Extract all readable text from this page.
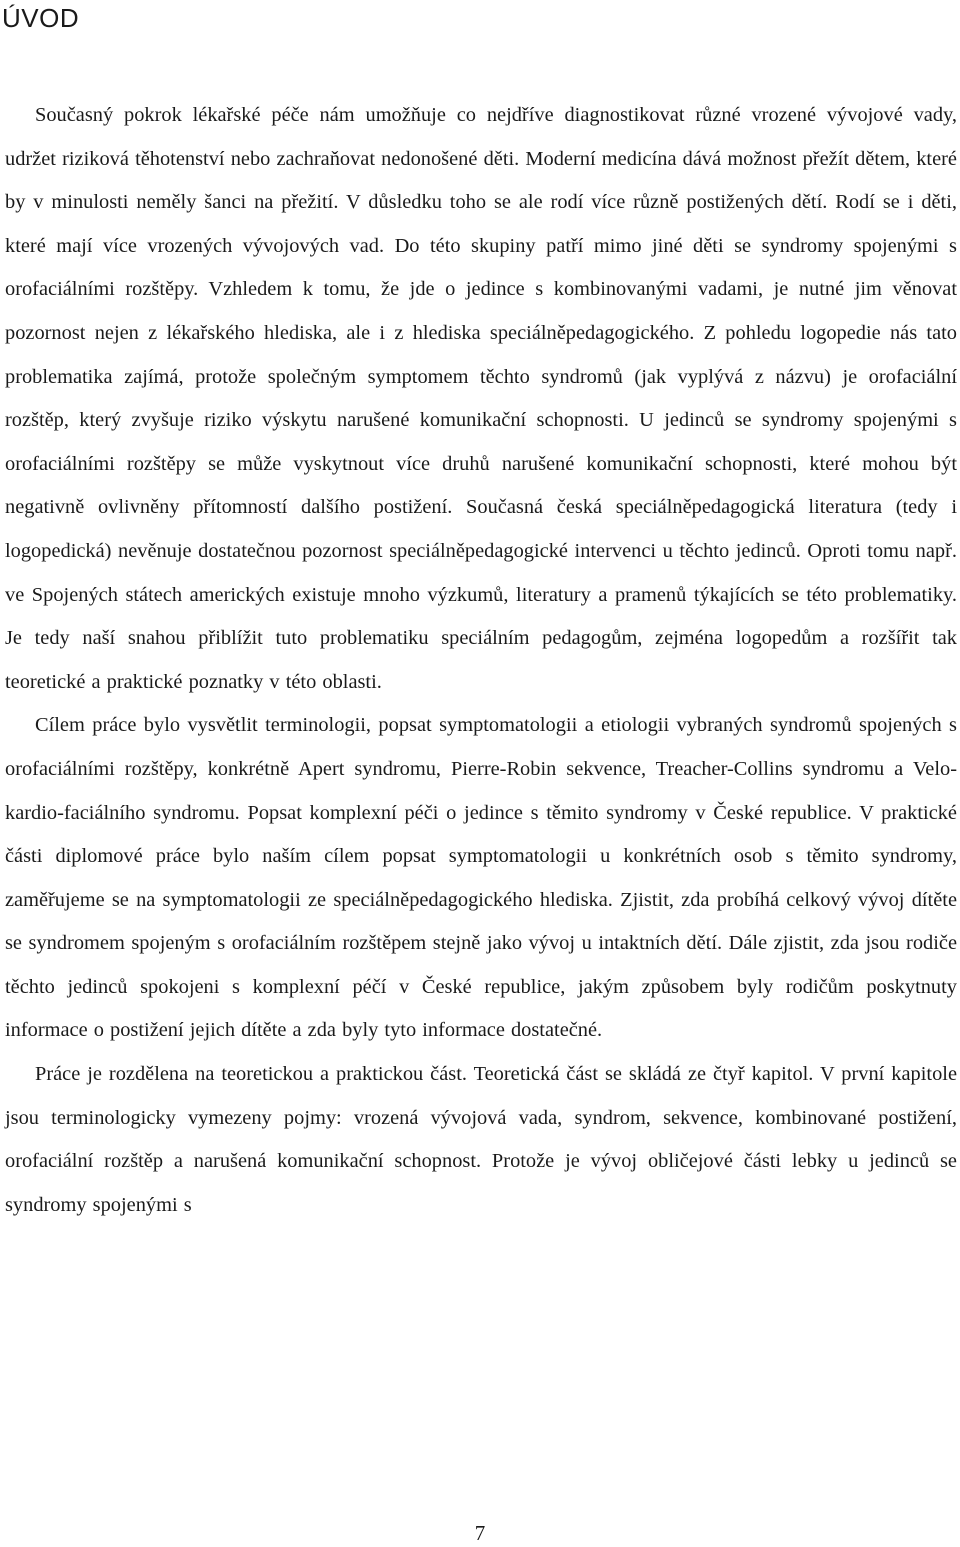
ÚVOD

Současný pokrok lékařské péče nám umožňuje co nejdříve diagnostikovat různé vrozené vývojové vady, udržet riziková těhotenství nebo zachraňovat nedonošené děti. Moderní medicína dává možnost přežít dětem, které by v minulosti neměly šanci na přežití. V důsledku toho se ale rodí více různě postižených dětí. Rodí se i děti, které mají více vrozených vývojových vad. Do této skupiny patří mimo jiné děti se syndromy spojenými s orofaciálními rozštěpy. Vzhledem k tomu, že jde o jedince s kombinovanými vadami, je nutné jim věnovat pozornost nejen z lékařského hlediska, ale i z hlediska speciálněpedagogického. Z pohledu logopedie nás tato problematika zajímá, protože společným symptomem těchto syndromů (jak vyplývá z názvu) je orofaciální rozštěp, který zvyšuje riziko výskytu narušené komunikační schopnosti. U jedinců se syndromy spojenými s orofaciálními rozštěpy se může vyskytnout více druhů narušené komunikační schopnosti, které mohou být negativně ovlivněny přítomností dalšího postižení. Současná česká speciálněpedagogická literatura (tedy i logopedická) nevěnuje dostatečnou pozornost speciálněpedagogické intervenci u těchto jedinců. Oproti tomu např. ve Spojených státech amerických existuje mnoho výzkumů, literatury a pramenů týkajících se této problematiky. Je tedy naší snahou přiblížit tuto problematiku speciálním pedagogům, zejména logopedům a rozšířit tak teoretické a praktické poznatky v této oblasti.

Cílem práce bylo vysvětlit terminologii, popsat symptomatologii a etiologii vybraných syndromů spojených s orofaciálními rozštěpy, konkrétně Apert syndromu, Pierre-Robin sekvence, Treacher-Collins syndromu a Velo-kardio-faciálního syndromu. Popsat komplexní péči o jedince s těmito syndromy v České republice. V praktické části diplomové práce bylo naším cílem popsat symptomatologii u konkrétních osob s těmito syndromy, zaměřujeme se na symptomatologii ze speciálněpedagogického hlediska. Zjistit, zda probíhá celkový vývoj dítěte se syndromem spojeným s orofaciálním rozštěpem stejně jako vývoj u intaktních dětí. Dále zjistit, zda jsou rodiče těchto jedinců spokojeni s komplexní péčí v České republice, jakým způsobem byly rodičům poskytnuty informace o postižení jejich dítěte a zda byly tyto informace dostatečné.

Práce je rozdělena na teoretickou a praktickou část. Teoretická část se skládá ze čtyř kapitol. V první kapitole jsou terminologicky vymezeny pojmy: vrozená vývojová vada, syndrom, sekvence, kombinované postižení, orofaciální rozštěp a narušená komunikační schopnost. Protože je vývoj obličejové části lebky u jedinců se syndromy spojenými s

7
